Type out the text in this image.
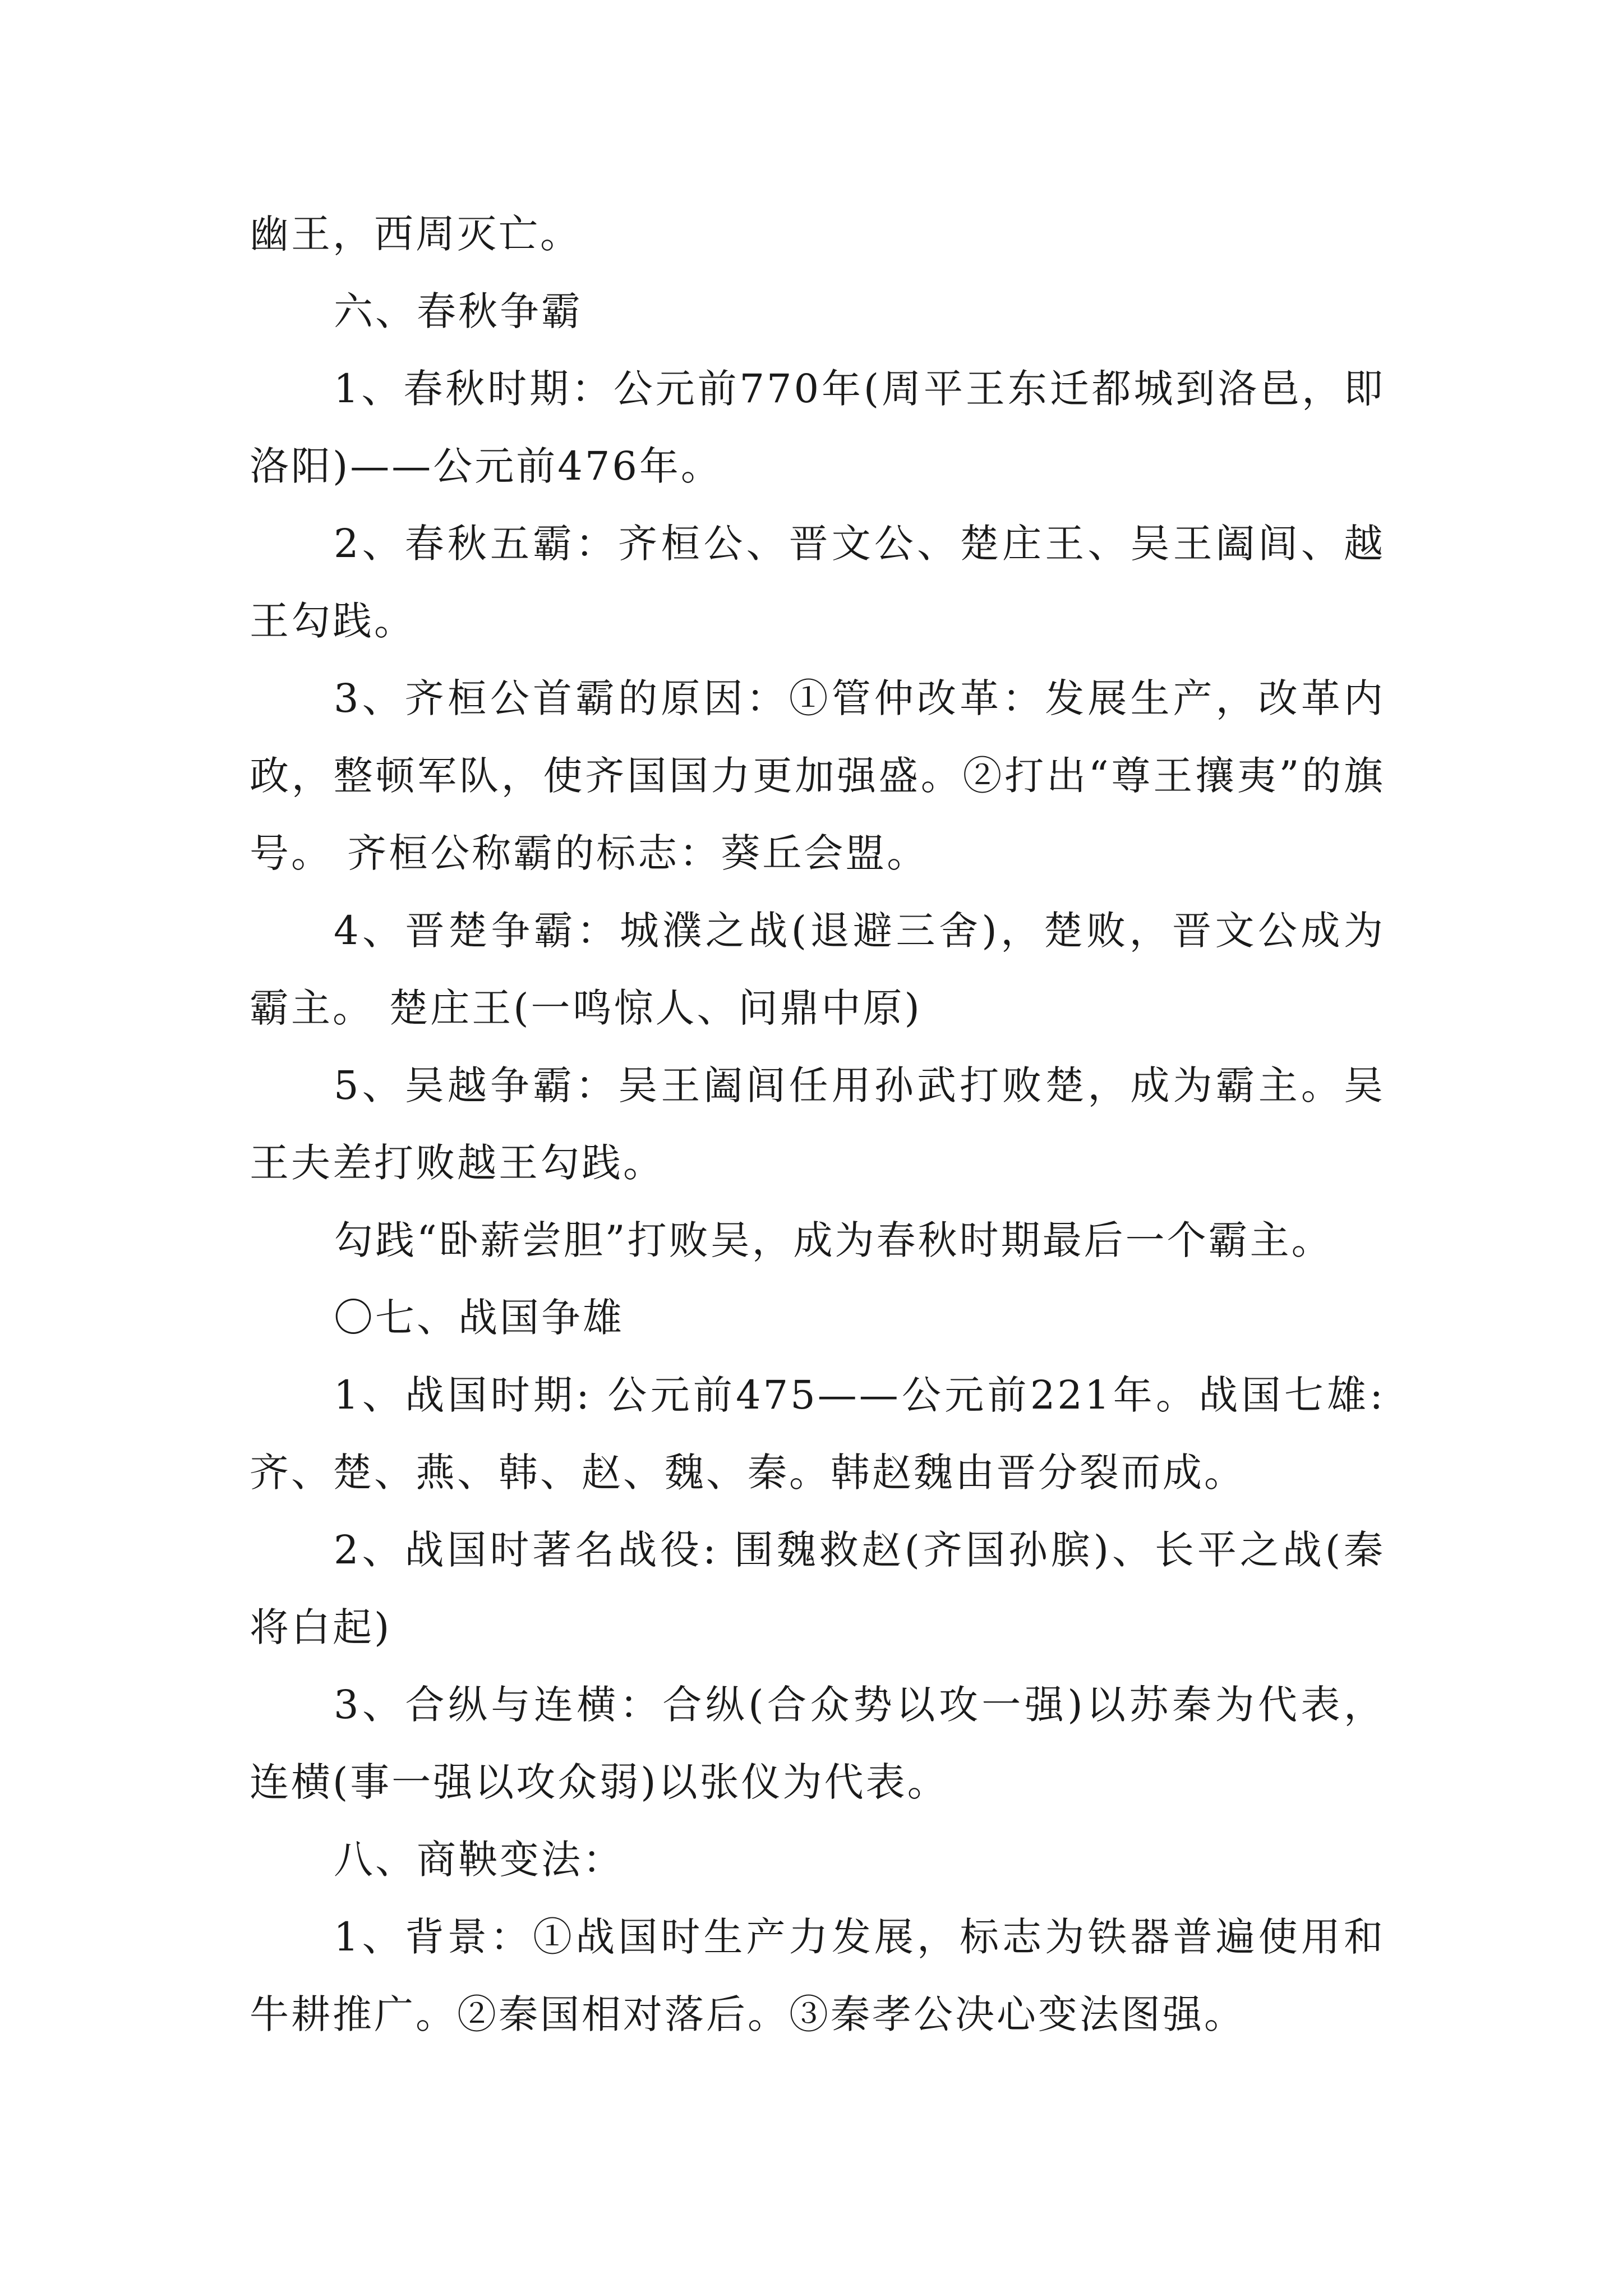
幽王，西周灭亡。

六、春秋争霸

1、春秋时期：公元前770年(周平王东迁都城到洛邑，即洛阳)——公元前476年。

2、春秋五霸：齐桓公、晋文公、楚庄王、吴王阖闾、越王勾践。

3、齐桓公首霸的原因：①管仲改革：发展生产，改革内政，整顿军队，使齐国国力更加强盛。②打出“尊王攘夷”的旗号。 齐桓公称霸的标志：葵丘会盟。

4、晋楚争霸：城濮之战(退避三舍)，楚败，晋文公成为霸主。 楚庄王(一鸣惊人、问鼎中原)

5、吴越争霸：吴王阖闾任用孙武打败楚，成为霸主。吴王夫差打败越王勾践。

勾践“卧薪尝胆”打败吴，成为春秋时期最后一个霸主。

〇七、战国争雄

1、战国时期: 公元前475——公元前221年。战国七雄: 齐、楚、燕、韩、赵、魏、秦。韩赵魏由晋分裂而成。

2、战国时著名战役: 围魏救赵(齐国孙膑)、长平之战(秦将白起)

3、合纵与连横：合纵(合众势以攻一强)以苏秦为代表，连横(事一强以攻众弱)以张仪为代表。

八、商鞅变法：

1、背景：①战国时生产力发展，标志为铁器普遍使用和牛耕推广。②秦国相对落后。③秦孝公决心变法图强。
